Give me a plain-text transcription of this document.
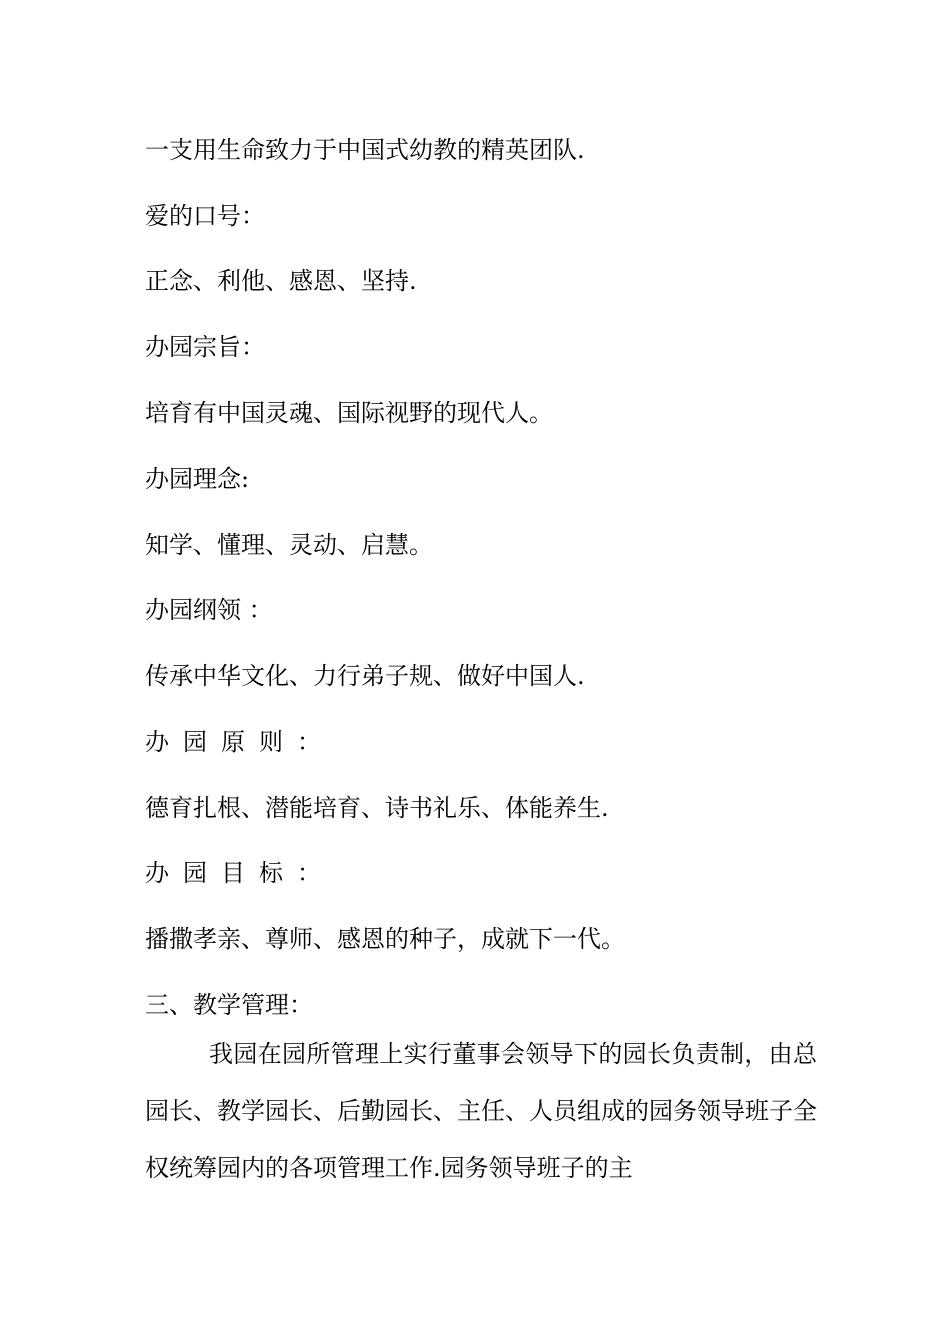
一支用生命致力于中国式幼教的精英团队.
爱的口号：
正念、利他、感恩、坚持.
办园宗旨：
培育有中国灵魂、国际视野的现代人。
办园理念:
知学、懂理、灵动、启慧。
办园纲领 ：
传承中华文化、力行弟子规、做好中国人.
办园原则：
德育扎根、潜能培育、诗书礼乐、体能养生.
办园目标：
播撒孝亲、尊师、感恩的种子，成就下一代。
三、教学管理：
我园在园所管理上实行董事会领导下的园长负责制，由总园长、教学园长、后勤园长、主任、人员组成的园务领导班子全权统筹园内的各项管理工作.园务领导班子的主
